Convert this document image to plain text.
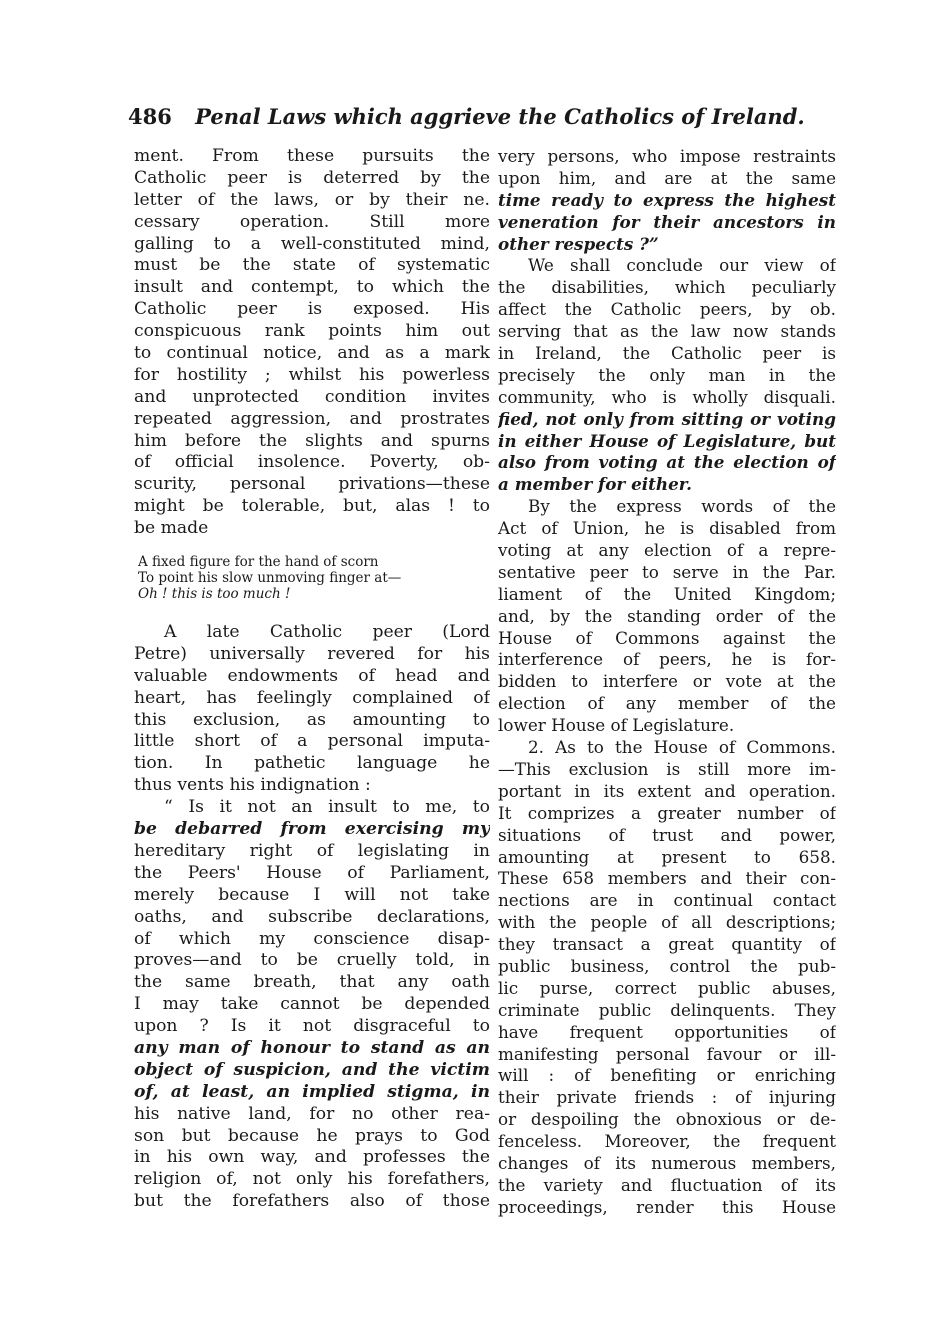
486 Penal Laws which aggrieve the Catholics of Ireland.
ment. From these pursuits the
Catholic peer is deterred by the
letter of the laws, or by their ne.
cessary operation. Still more
galling to a well-constituted mind,
must be the state of systematic
insult and contempt, to which the
Catholic peer is exposed. His
conspicuous rank points him out
to continual notice, and as a mark
for hostility ; whilst his powerless
and unprotected condition invites
repeated aggression, and prostrates
him before the slights and spurns
of official insolence. Poverty, ob-
scurity, personal privations—these
might be tolerable, but, alas ! to
be made
A fixed figure for the hand of scorn
To point his slow unmoving finger at—
Oh ! this is too much !
A late Catholic peer (Lord
Petre) universally revered for his
valuable endowments of head and
heart, has feelingly complained of
this exclusion, as amounting to
little short of a personal imputa-
tion. In pathetic language he
thus vents his indignation :
“ Is it not an insult to me, to
be debarred from exercising my
hereditary right of legislating in
the Peers' House of Parliament,
merely because I will not take
oaths, and subscribe declarations,
of which my conscience disap-
proves—and to be cruelly told, in
the same breath, that any oath
I may take cannot be depended
upon ? Is it not disgraceful to
any man of honour to stand as an
object of suspicion, and the victim
of, at least, an implied stigma, in
his native land, for no other rea-
son but because he prays to God
in his own way, and professes the
religion of, not only his forefathers,
but the forefathers also of those
very persons, who impose restraints
upon him, and are at the same
time ready to express the highest
veneration for their ancestors in
other respects ?”
We shall conclude our view of
the disabilities, which peculiarly
affect the Catholic peers, by ob.
serving that as the law now stands
in Ireland, the Catholic peer is
precisely the only man in the
community, who is wholly disquali.
fied, not only from sitting or voting
in either House of Legislature, but
also from voting at the election of
a member for either.
By the express words of the
Act of Union, he is disabled from
voting at any election of a repre-
sentative peer to serve in the Par.
liament of the United Kingdom;
and, by the standing order of the
House of Commons against the
interference of peers, he is for-
bidden to interfere or vote at the
election of any member of the
lower House of Legislature.
2. As to the House of Commons.
—This exclusion is still more im-
portant in its extent and operation.
It comprizes a greater number of
situations of trust and power,
amounting at present to 658.
These 658 members and their con-
nections are in continual contact
with the people of all descriptions;
they transact a great quantity of
public business, control the pub-
lic purse, correct public abuses,
criminate public delinquents. They
have frequent opportunities of
manifesting personal favour or ill-
will : of benefiting or enriching
their private friends : of injuring
or despoiling the obnoxious or de-
fenceless. Moreover, the frequent
changes of its numerous members,
the variety and fluctuation of its
proceedings, render this House
